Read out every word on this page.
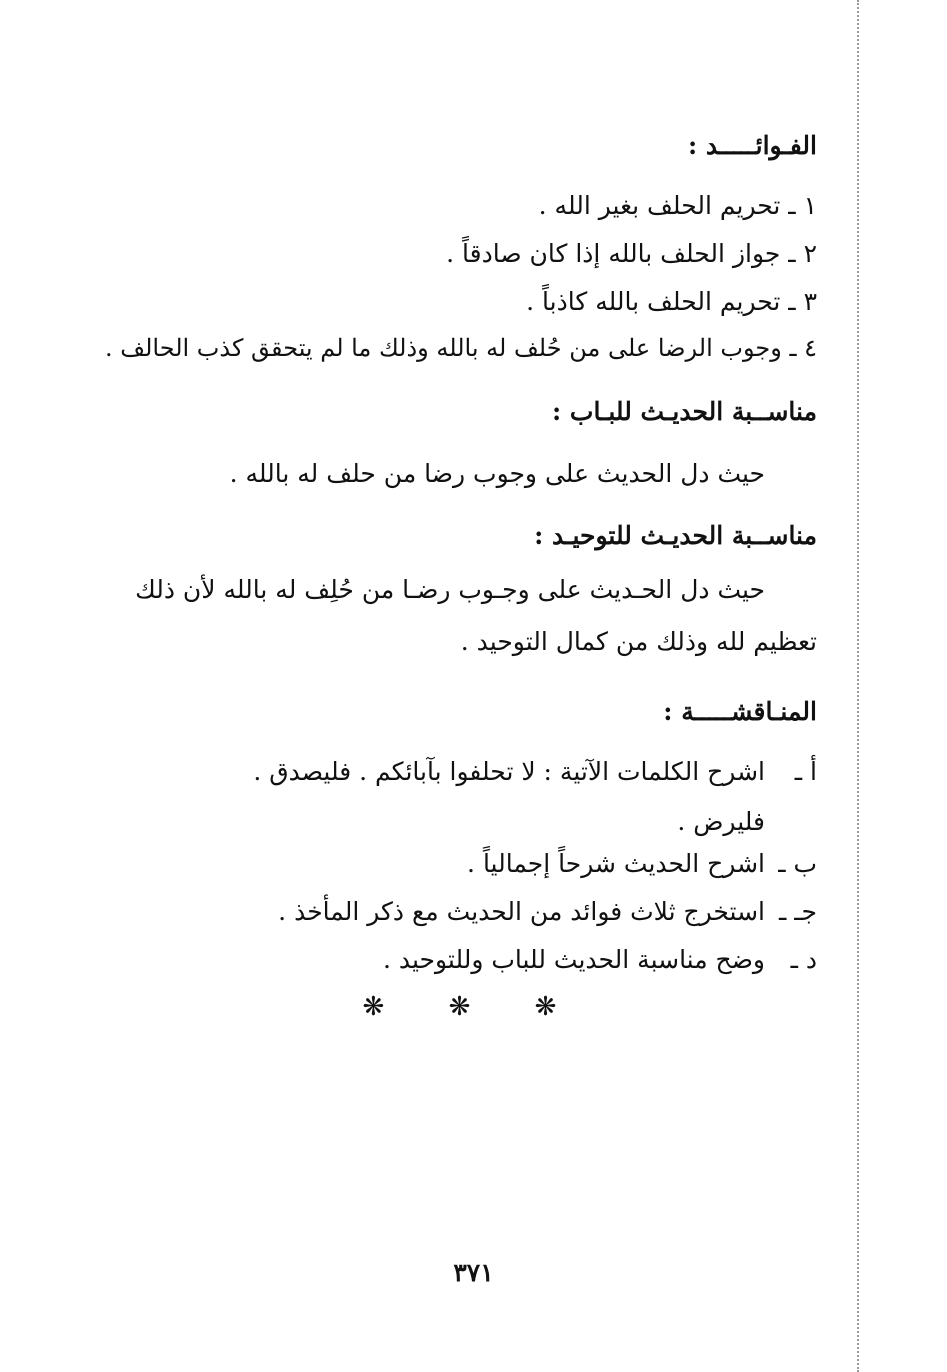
الفـوائـــــد :
١ ـ تحريم الحلف بغير الله .
٢ ـ جواز الحلف بالله إذا كان صادقاً .
٣ ـ تحريم الحلف بالله كاذباً .
٤ ـ وجوب الرضا على من حُلف له بالله وذلك ما لم يتحقق كذب الحالف .
مناســبة الحديـث للبـاب :
حيث دل الحديث على وجوب رضا من حلف له بالله .
مناســبة الحديـث للتوحيـد :
حيث دل الحـديث على وجـوب رضـا من حُلِف له بالله لأن ذلك
تعظيم لله وذلك من كمال التوحيد .
المنـاقشـــــة :
أ ـاشرح الكلمات الآتية : لا تحلفوا بآبائكم . فليصدق .
فليرض .
ب ـاشرح الحديث شرحاً إجمالياً .
جـ ـاستخرج ثلاث فوائد من الحديث مع ذكر المأخذ .
د ـوضح مناسبة الحديث للباب وللتوحيد .
❋ ❋ ❋
٣٧١
